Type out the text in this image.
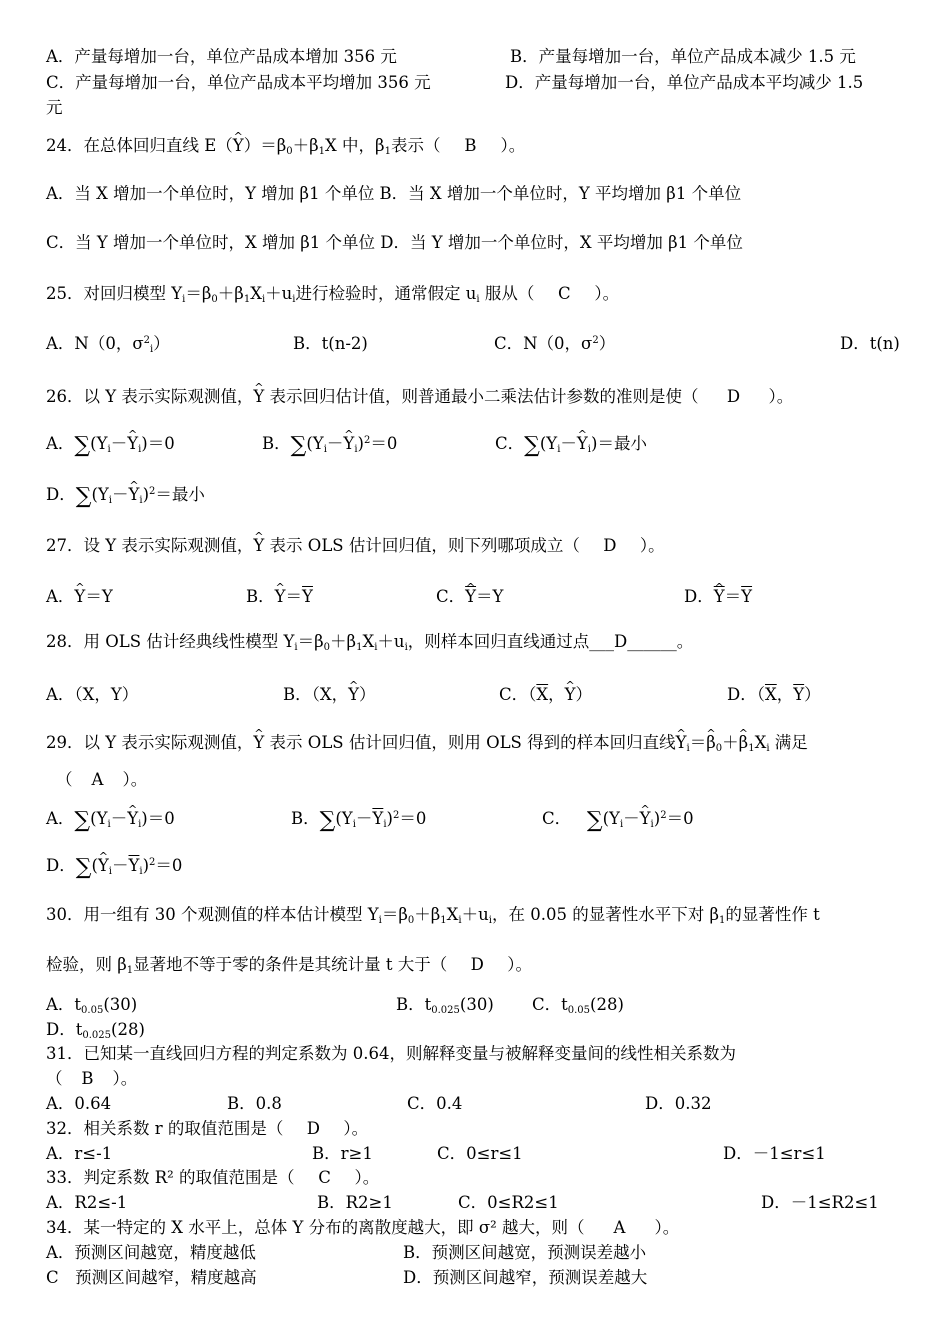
A．产量每增加一台，单位产品成本增加 356 元	B．产量每增加一台，单位产品成本减少 1.5 元
C．产量每增加一台，单位产品成本平均增加 356 元	D．产量每增加一台，单位产品成本平均减少 1.5
元
24．在总体回归直线 E（^ $Y)=\beta_0+\beta_1X$ 中，$\beta_1$表示（ B ）。
A．当 X 增加一个单位时，Y 增加 β1 个单位 B．当 X 增加一个单位时，Y 平均增加 β1 个单位
C．当 Y 增加一个单位时，X 增加 β1 个单位 D．当 Y 增加一个单位时，X 平均增加 β1 个单位
25．对回归模型 $Y_i=\beta_0+\beta_1X_i+u_i$进行检验时，通常假定 $u_i$ 服从（ C ）。
A．N（0，$\sigma^2_i$）	B．t(n-2)	C．N（0，$\sigma^2$）	D．t(n)
26．以 Y 表示实际观测值，^ Y 表示回归估计值，则普通最小二乘法估计参数的准则是使（ D ）。
A．$\sum(Y_i-\^{}$ $Y_i)=0$	B．$\sum(Y_i-\^{}$ $Y_i)^2=0$	C．$\sum(Y_i-\^{}$ $Y_i)=$最小
D．$\sum(Y_i-\^{}$ $Y_i)^2=$最小
27．设 Y 表示实际观测值，^ Y 表示 OLS 估计回归值，则下列哪项成立（ D ）。
A．^ Y＝Y	B．^ $Y=\overline{Y}$	C．^ $\overline{Y}=Y$	D．^ $\overline{Y}=\overline{Y}$
28．用 OLS 估计经典线性模型 $Y_i=\beta_0+\beta_1X_i+u_i$，则样本回归直线通过点___D______。
A．（X，Y）	B．（X，^ Y）	C．（$\overline{X}$，^ Y）	D．（$\overline{X}$，$\overline{Y}$）
29．以 Y 表示实际观测值，^ Y 表示 OLS 估计回归值，则用 OLS 得到的样本回归直线^ $Y_i=\^{}$ $\beta_0+\^{}$ $\beta_1X_i$ 满足
（ A ）。
A．$\sum(Y_i-\^{}$ $Y_i)=0$	B．$\sum(Y_i-\overline{Y}_i)^2=0$	C． $\sum(Y_i-\^{}$ $Y_i)^2=0$
D．∑(^ $Y_i-\overline{Y}_i)^2=0$
30．用一组有 30 个观测值的样本估计模型 $Y_i=\beta_0+\beta_1X_i+u_i$，在 0.05 的显著性水平下对 $\beta_1$的显著性作 t
检验，则 $\beta_1$显著地不等于零的条件是其统计量 t 大于（ D ）。
A．$t_{0.05}(30)$	B．$t_{0.025}(30)$ C．$t_{0.05}(28)$
D．$t_{0.025}(28)$
31．已知某一直线回归方程的判定系数为 0.64，则解释变量与被解释变量间的线性相关系数为
（ B ）。
A．0.64	B．0.8	C．0.4	D．0.32
32．相关系数 r 的取值范围是（ D ）。
A．r≤-1	B．r≥1	C．0≤r≤1	D．－1≤r≤1
33．判定系数 R² 的取值范围是（ C ）。
A．R2≤-1	B．R2≥1	C．0≤R2≤1	D．－1≤R2≤1
34．某一特定的 X 水平上，总体 Y 分布的离散度越大，即 σ² 越大，则（ A ）。
A．预测区间越宽，精度越低	B．预测区间越宽，预测误差越小
C　预测区间越窄，精度越高	D．预测区间越窄，预测误差越大
